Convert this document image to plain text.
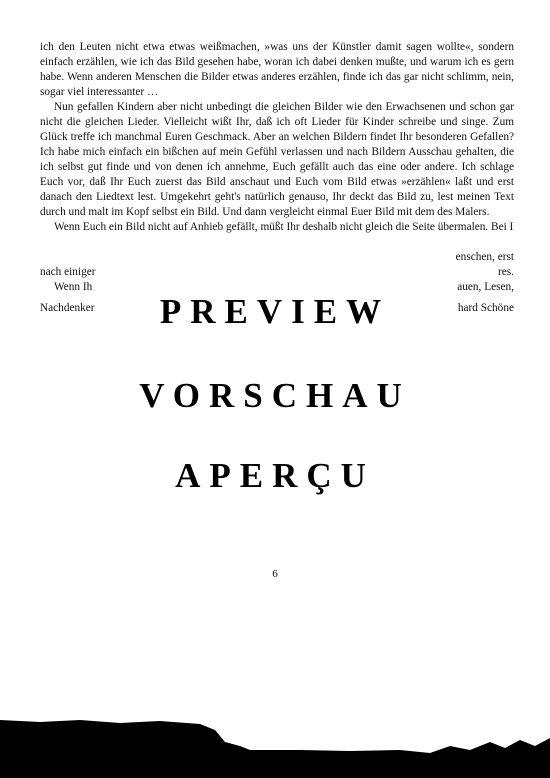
ich den Leuten nicht etwa etwas weißmachen, »was uns der Künstler damit sagen wollte«, sondern einfach erzählen, wie ich das Bild gesehen habe, woran ich dabei denken mußte, und warum ich es gern habe. Wenn anderen Menschen die Bilder etwas anderes erzählen, finde ich das gar nicht schlimm, nein, sogar viel interessanter …

Nun gefallen Kindern aber nicht unbedingt die gleichen Bilder wie den Erwachsenen und schon gar nicht die gleichen Lieder. Vielleicht wißt Ihr, daß ich oft Lieder für Kinder schreibe und singe. Zum Glück treffe ich manchmal Euren Geschmack. Aber an welchen Bildern findet Ihr besonderen Gefallen? Ich habe mich einfach ein bißchen auf mein Gefühl verlassen und nach Bildern Ausschau gehalten, die ich selbst gut finde und von denen ich annehme, Euch gefällt auch das eine oder andere. Ich schlage Euch vor, daß Ihr Euch zuerst das Bild anschaut und Euch vom Bild etwas »erzählen« laßt und erst danach den Liedtext lest. Umgekehrt geht's natürlich genauso, Ihr deckt das Bild zu, lest meinen Text durch und malt im Kopf selbst ein Bild. Und dann vergleicht einmal Euer Bild mit dem des Malers.

Wenn Euch ein Bild nicht auf Anhieb gefällt, müßt Ihr deshalb nicht gleich die Seite übermalen. Bei I

enschen, erst
nach einiger	res.
Wenn Ih	auen, Lesen,
Nachdenker	hard Schöne
PREVIEW
VORSCHAU
APERÇU
6
